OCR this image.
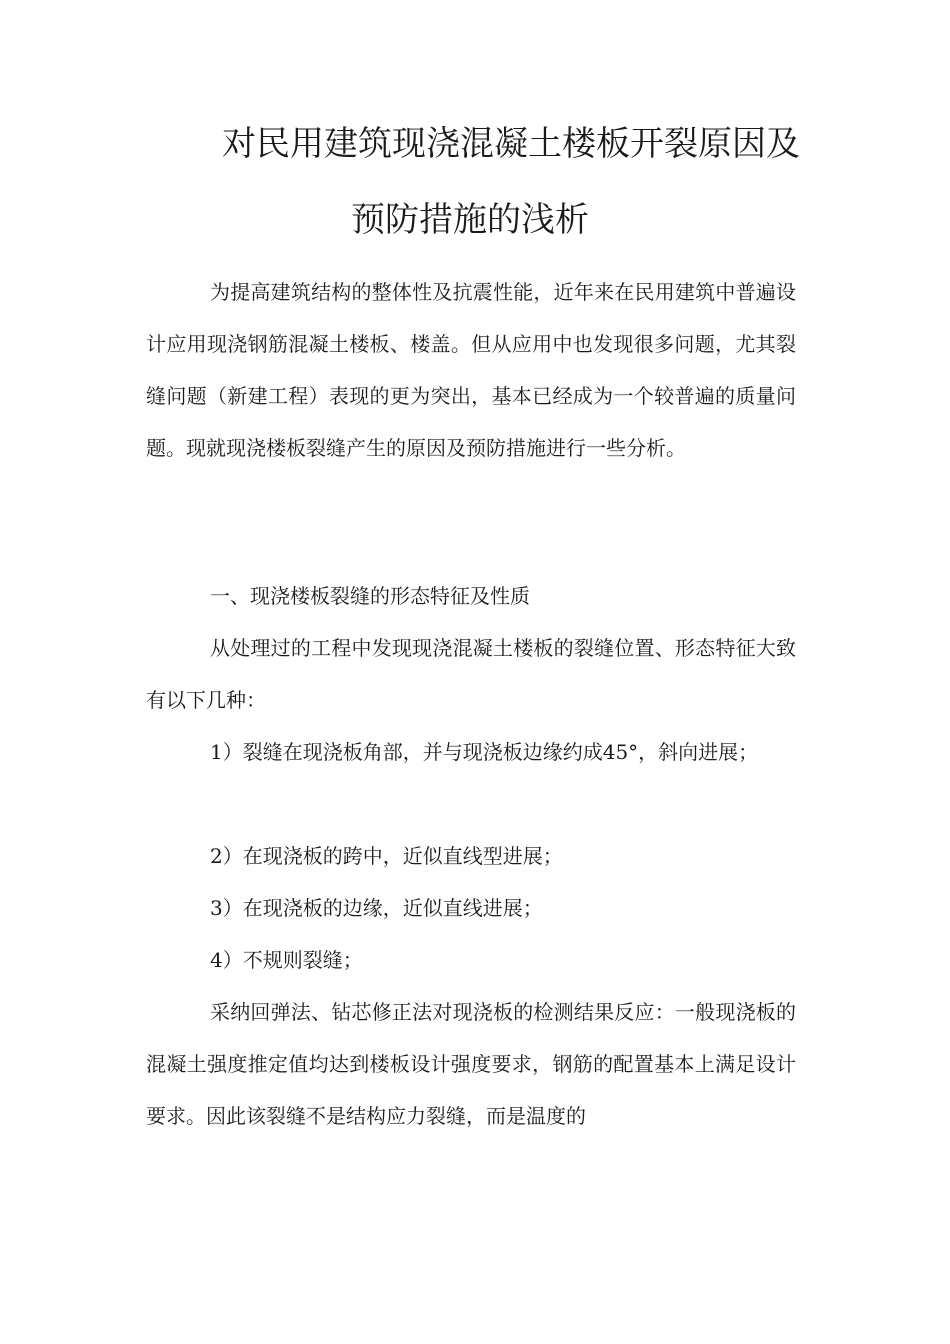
对民用建筑现浇混凝土楼板开裂原因及
预防措施的浅析

为提高建筑结构的整体性及抗震性能，近年来在民用建筑中普遍设计应用现浇钢筋混凝土楼板、楼盖。但从应用中也发现很多问题，尤其裂缝问题（新建工程）表现的更为突出，基本已经成为一个较普遍的质量问题。现就现浇楼板裂缝产生的原因及预防措施进行一些分析。

一、现浇楼板裂缝的形态特征及性质

从处理过的工程中发现现浇混凝土楼板的裂缝位置、形态特征大致有以下几种：

1）裂缝在现浇板角部，并与现浇板边缘约成45°，斜向进展；

2）在现浇板的跨中，近似直线型进展；

3）在现浇板的边缘，近似直线进展；

4）不规则裂缝；

采纳回弹法、钻芯修正法对现浇板的检测结果反应：一般现浇板的混凝土强度推定值均达到楼板设计强度要求，钢筋的配置基本上满足设计要求。因此该裂缝不是结构应力裂缝，而是温度的
